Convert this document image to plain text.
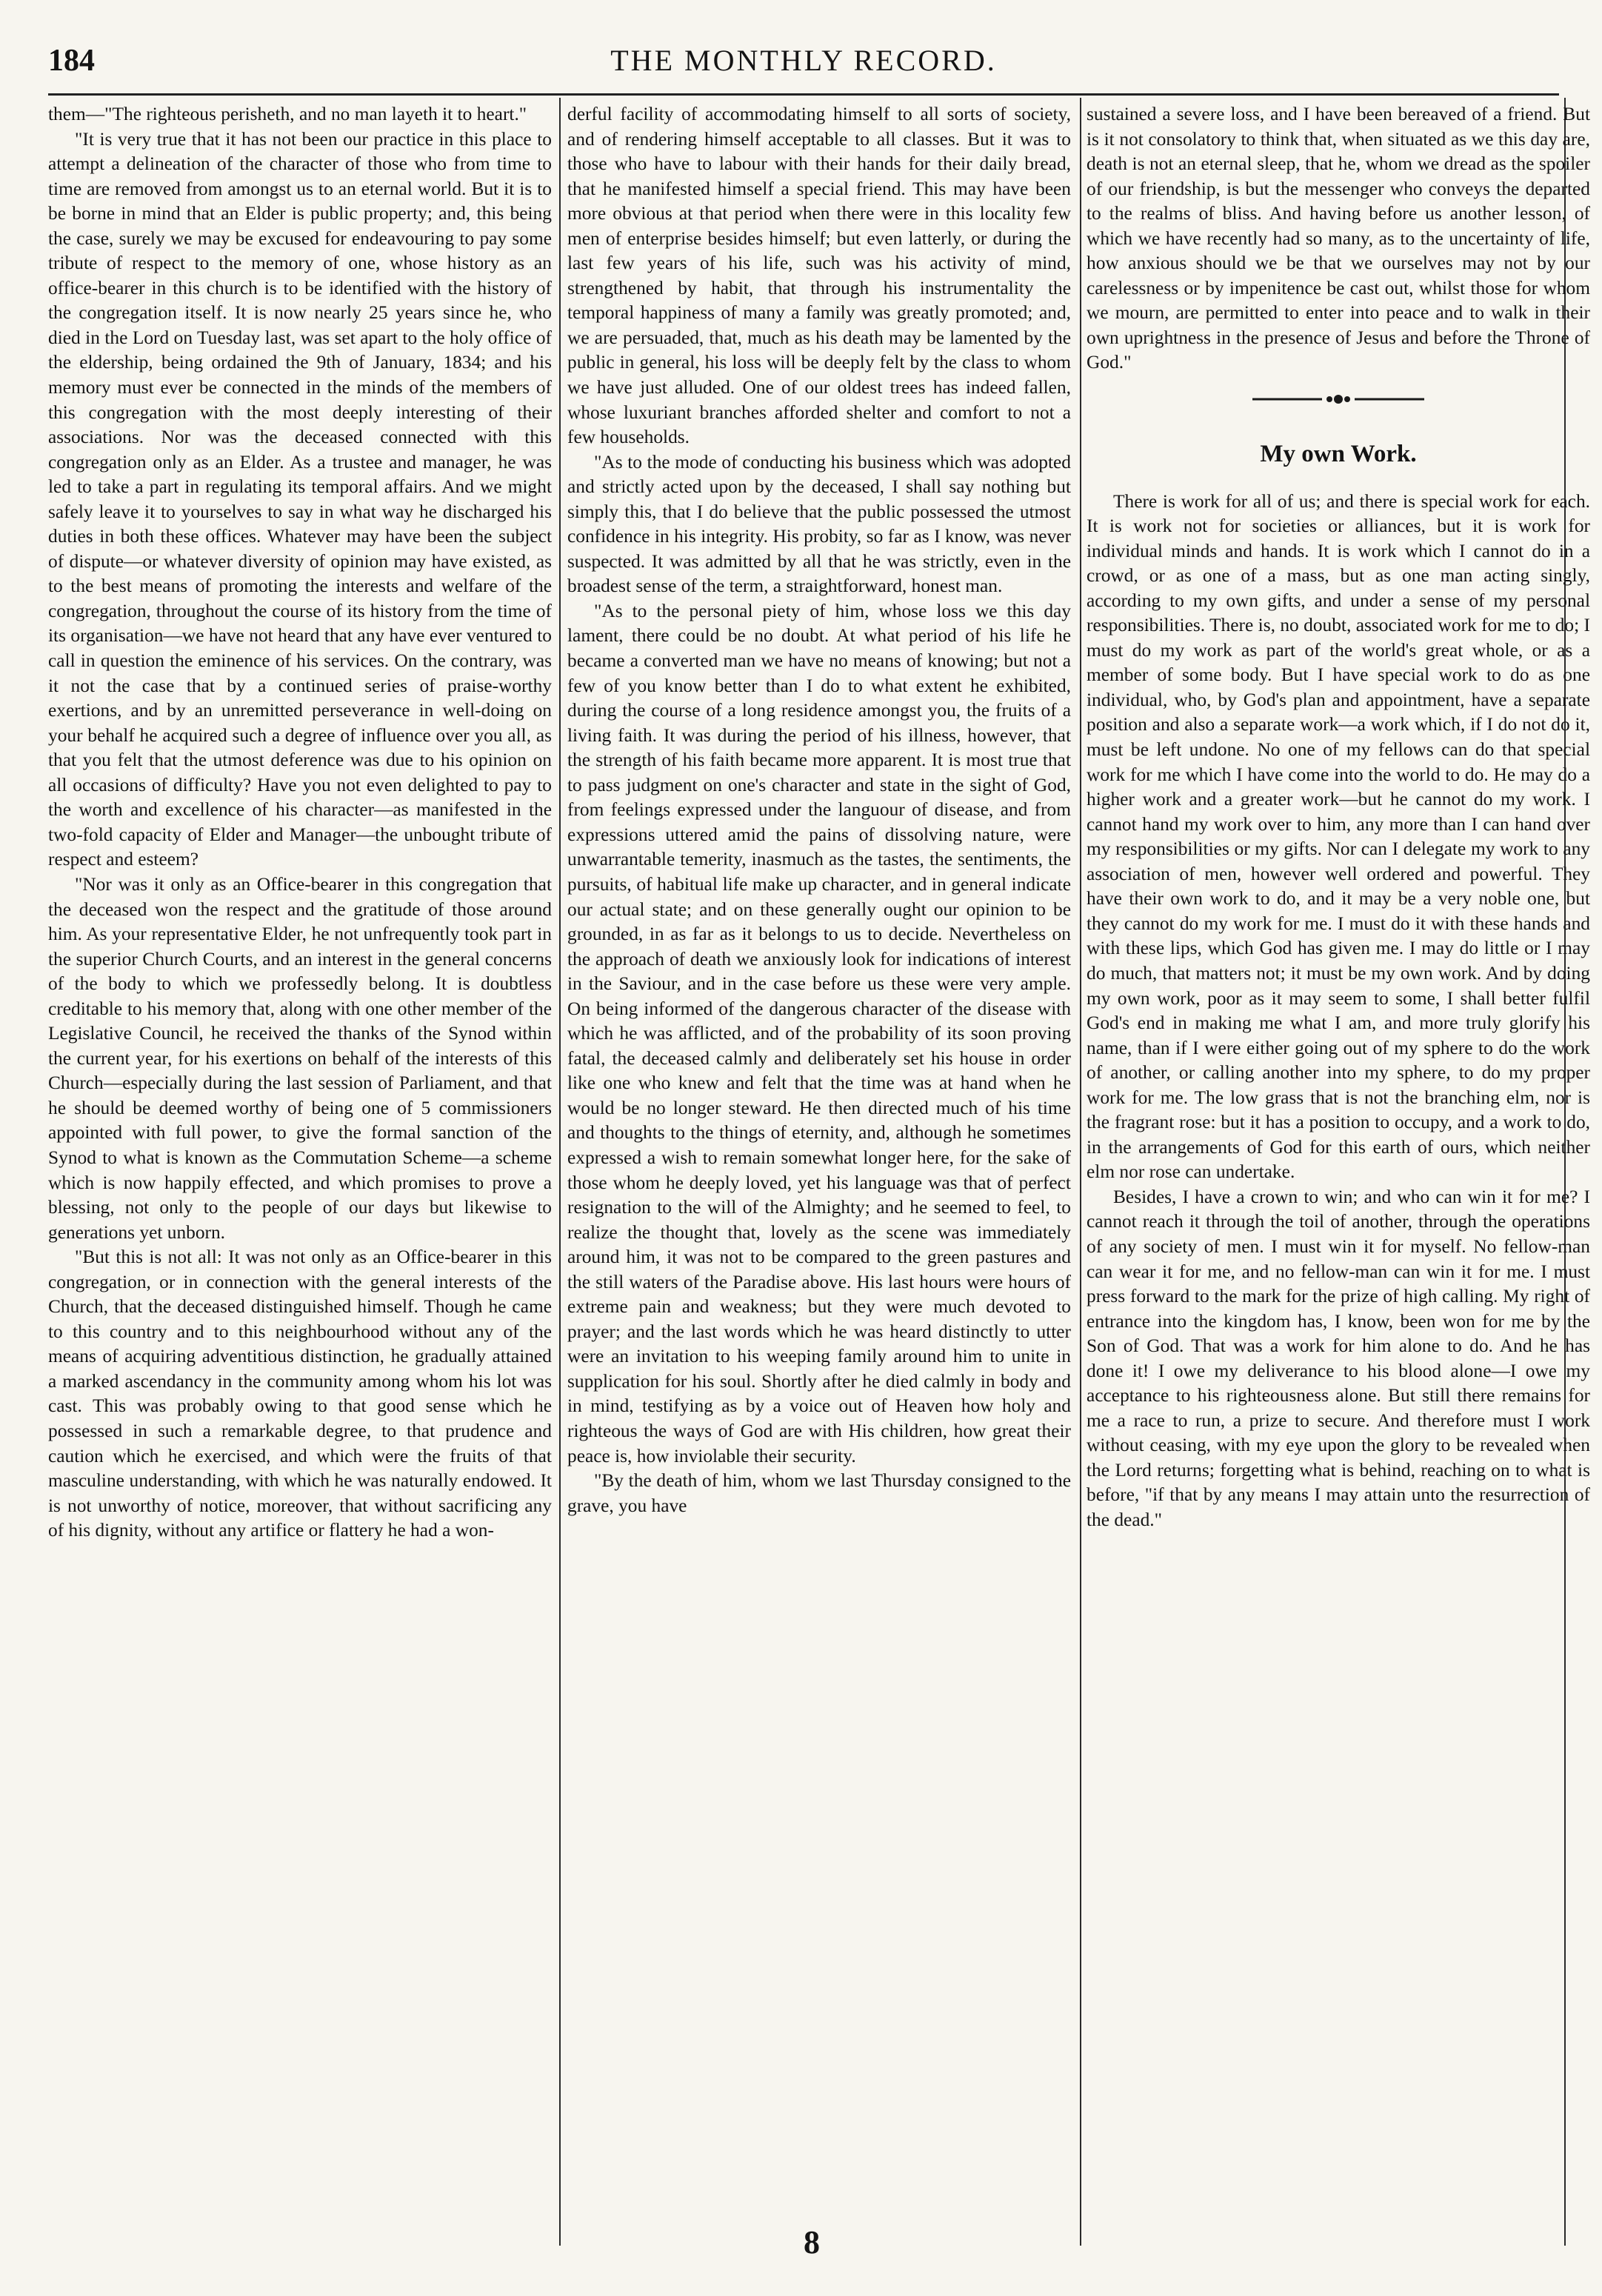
184	THE MONTHLY RECORD.

them—"The righteous perisheth, and no man layeth it to heart."

"It is very true that it has not been our practice in this place to attempt a delineation of the character of those who from time to time are removed from amongst us to an eternal world. But it is to be borne in mind that an Elder is public property; and, this being the case, surely we may be excused for endeavouring to pay some tribute of respect to the memory of one, whose history as an office-bearer in this church is to be identified with the history of the congregation itself. It is now nearly 25 years since he, who died in the Lord on Tuesday last, was set apart to the holy office of the eldership, being ordained the 9th of January, 1834; and his memory must ever be connected in the minds of the members of this congregation with the most deeply interesting of their associations. Nor was the deceased connected with this congregation only as an Elder. As a trustee and manager, he was led to take a part in regulating its temporal affairs. And we might safely leave it to yourselves to say in what way he discharged his duties in both these offices. Whatever may have been the subject of dispute—or whatever diversity of opinion may have existed, as to the best means of promoting the interests and welfare of the congregation, throughout the course of its history from the time of its organisation—we have not heard that any have ever ventured to call in question the eminence of his services. On the contrary, was it not the case that by a continued series of praise-worthy exertions, and by an unremitted perseverance in well-doing on your behalf he acquired such a degree of influence over you all, as that you felt that the utmost deference was due to his opinion on all occasions of difficulty? Have you not even delighted to pay to the worth and excellence of his character—as manifested in the two-fold capacity of Elder and Manager—the unbought tribute of respect and esteem?

"Nor was it only as an Office-bearer in this congregation that the deceased won the respect and the gratitude of those around him. As your representative Elder, he not unfrequently took part in the superior Church Courts, and an interest in the general concerns of the body to which we professedly belong. It is doubtless creditable to his memory that, along with one other member of the Legislative Council, he received the thanks of the Synod within the current year, for his exertions on behalf of the interests of this Church—especially during the last session of Parliament, and that he should be deemed worthy of being one of 5 commissioners appointed with full power, to give the formal sanction of the Synod to what is known as the Commutation Scheme—a scheme which is now happily effected, and which promises to prove a blessing, not only to the people of our days but likewise to generations yet unborn.

"But this is not all: It was not only as an Office-bearer in this congregation, or in connection with the general interests of the Church, that the deceased distinguished himself. Though he came to this country and to this neighbourhood without any of the means of acquiring adventitious distinction, he gradually attained a marked ascendancy in the community among whom his lot was cast. This was probably owing to that good sense which he possessed in such a remarkable degree, to that prudence and caution which he exercised, and which were the fruits of that masculine understanding, with which he was naturally endowed. It is not unworthy of notice, moreover, that without sacrificing any of his dignity, without any artifice or flattery he had a won-

derful facility of accommodating himself to all sorts of society, and of rendering himself acceptable to all classes. But it was to those who have to labour with their hands for their daily bread, that he manifested himself a special friend. This may have been more obvious at that period when there were in this locality few men of enterprise besides himself; but even latterly, or during the last few years of his life, such was his activity of mind, strengthened by habit, that through his instrumentality the temporal happiness of many a family was greatly promoted; and, we are persuaded, that, much as his death may be lamented by the public in general, his loss will be deeply felt by the class to whom we have just alluded. One of our oldest trees has indeed fallen, whose luxuriant branches afforded shelter and comfort to not a few households.

"As to the mode of conducting his business which was adopted and strictly acted upon by the deceased, I shall say nothing but simply this, that I do believe that the public possessed the utmost confidence in his integrity. His probity, so far as I know, was never suspected. It was admitted by all that he was strictly, even in the broadest sense of the term, a straightforward, honest man.

"As to the personal piety of him, whose loss we this day lament, there could be no doubt. At what period of his life he became a converted man we have no means of knowing; but not a few of you know better than I do to what extent he exhibited, during the course of a long residence amongst you, the fruits of a living faith. It was during the period of his illness, however, that the strength of his faith became more apparent. It is most true that to pass judgment on one's character and state in the sight of God, from feelings expressed under the languour of disease, and from expressions uttered amid the pains of dissolving nature, were unwarrantable temerity, inasmuch as the tastes, the sentiments, the pursuits, of habitual life make up character, and in general indicate our actual state; and on these generally ought our opinion to be grounded, in as far as it belongs to us to decide. Nevertheless on the approach of death we anxiously look for indications of interest in the Saviour, and in the case before us these were very ample. On being informed of the dangerous character of the disease with which he was afflicted, and of the probability of its soon proving fatal, the deceased calmly and deliberately set his house in order like one who knew and felt that the time was at hand when he would be no longer steward. He then directed much of his time and thoughts to the things of eternity, and, although he sometimes expressed a wish to remain somewhat longer here, for the sake of those whom he deeply loved, yet his language was that of perfect resignation to the will of the Almighty; and he seemed to feel, to realize the thought that, lovely as the scene was immediately around him, it was not to be compared to the green pastures and the still waters of the Paradise above. His last hours were hours of extreme pain and weakness; but they were much devoted to prayer; and the last words which he was heard distinctly to utter were an invitation to his weeping family around him to unite in supplication for his soul. Shortly after he died calmly in body and in mind, testifying as by a voice out of Heaven how holy and righteous the ways of God are with His children, how great their peace is, how inviolable their security.

"By the death of him, whom we last Thursday consigned to the grave, you have

sustained a severe loss, and I have been bereaved of a friend. But is it not consolatory to think that, when situated as we this day are, death is not an eternal sleep, that he, whom we dread as the spoiler of our friendship, is but the messenger who conveys the departed to the realms of bliss. And having before us another lesson, of which we have recently had so many, as to the uncertainty of life, how anxious should we be that we ourselves may not by our carelessness or by impenitence be cast out, whilst those for whom we mourn, are permitted to enter into peace and to walk in their own uprightness in the presence of Jesus and before the Throne of God."

My own Work.

There is work for all of us; and there is special work for each. It is work not for societies or alliances, but it is work for individual minds and hands. It is work which I cannot do in a crowd, or as one of a mass, but as one man acting singly, according to my own gifts, and under a sense of my personal responsibilities. There is, no doubt, associated work for me to do; I must do my work as part of the world's great whole, or as a member of some body. But I have special work to do as one individual, who, by God's plan and appointment, have a separate position and also a separate work—a work which, if I do not do it, must be left undone. No one of my fellows can do that special work for me which I have come into the world to do. He may do a higher work and a greater work—but he cannot do my work. I cannot hand my work over to him, any more than I can hand over my responsibilities or my gifts. Nor can I delegate my work to any association of men, however well ordered and powerful. They have their own work to do, and it may be a very noble one, but they cannot do my work for me. I must do it with these hands and with these lips, which God has given me. I may do little or I may do much, that matters not; it must be my own work. And by doing my own work, poor as it may seem to some, I shall better fulfil God's end in making me what I am, and more truly glorify his name, than if I were either going out of my sphere to do the work of another, or calling another into my sphere, to do my proper work for me. The low grass that is not the branching elm, nor is the fragrant rose: but it has a position to occupy, and a work to do, in the arrangements of God for this earth of ours, which neither elm nor rose can undertake.

Besides, I have a crown to win; and who can win it for me? I cannot reach it through the toil of another, through the operations of any society of men. I must win it for myself. No fellow-man can wear it for me, and no fellow-man can win it for me. I must press forward to the mark for the prize of high calling. My right of entrance into the kingdom has, I know, been won for me by the Son of God. That was a work for him alone to do. And he has done it! I owe my deliverance to his blood alone—I owe my acceptance to his righteousness alone. But still there remains for me a race to run, a prize to secure. And therefore must I work without ceasing, with my eye upon the glory to be revealed when the Lord returns; forgetting what is behind, reaching on to what is before, "if that by any means I may attain unto the resurrection of the dead."

8
